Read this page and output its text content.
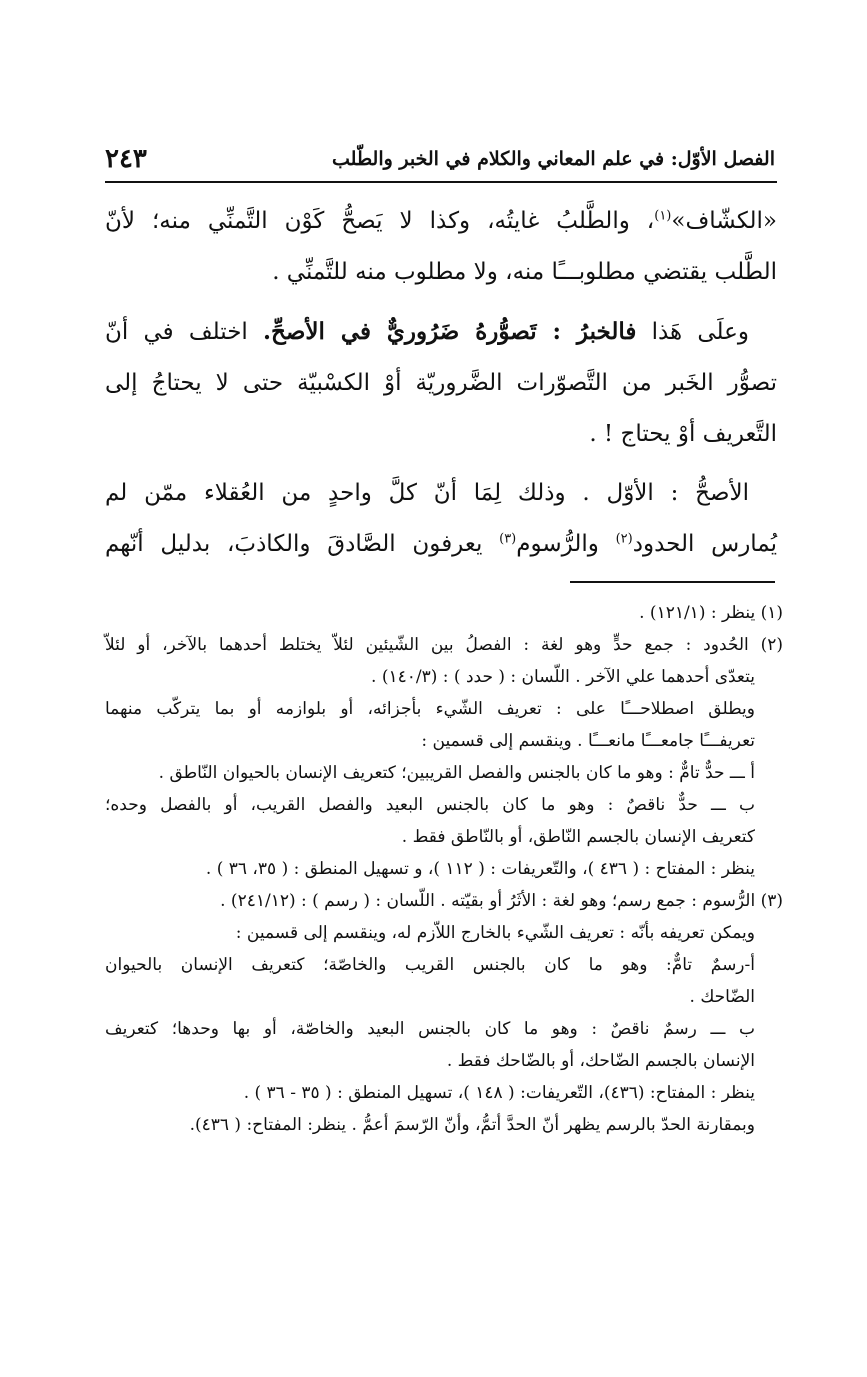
الفصل الأوّل: في علم المعاني والكلام في الخبر والطّلب
٢٤٣

«الكشّاف»$^{(١)}$، والطَّلبُ غايتُه، وكذا لا يَصحُّ كَوْن التَّمنِّي منه؛ لأنّ
الطَّلب يقتضي مطلوبـــًا منه، ولا مطلوب منه للتَّمنِّي .

وعلَى هَذا فالخبرُ : تَصوُّرهُ ضَرُوريٌّ في الأصحِّ. اختلف في أنّ
تصوُّر الخَبر من التَّصوّرات الضَّروريّة أوْ الكسْبيّة حتى لا يحتاجُ إلى
التَّعريف أوْ يحتاج ! .

الأصحُّ : الأوّل . وذلك لِمَا أنّ كلَّ واحدٍ من العُقلاء ممّن لم
يُمارس الحدود$^{(٢)}$ والرُّسوم$^{(٣)}$ يعرفون الصَّادقَ والكاذبَ، بدليل أنّهم

(١) ينظر : (١٢١/١) .
(٢) الحُدود : جمع حدٍّ وهو لغة : الفصلُ بين الشّيئين لئلاّ يختلط أحدهما بالآخر، أو لئلاّ
يتعدّى أحدهما علي الآخر . اللّسان : ( حدد ) : (١٤٠/٣) .
ويطلق اصطلاحـــًا على : تعريف الشّيء بأجزائه، أو بلوازمه أو بما يتركّب منهما
تعريفـــًا جامعـــًا مانعـــًا . وينقسم إلى قسمين :
أ ـــ حدٌّ تامٌّ : وهو ما كان بالجنس والفصل القريبين؛ كتعريف الإنسان بالحيوان النّاطق .
ب ـــ حدٌّ ناقصٌ : وهو ما كان بالجنس البعيد والفصل القريب، أو بالفصل وحده؛
كتعريف الإنسان بالجسم النّاطق، أو بالنّاطق فقط .
ينظر : المفتاح : ( ٤٣٦ )، والتّعريفات : ( ١١٢ )، و تسهيل المنطق : ( ٣٥، ٣٦ ) .
(٣) الرُّسوم : جمع رسم؛ وهو لغة : الأثَرُ أو بقيّته . اللّسان : ( رسم ) : (٢٤١/١٢) .
ويمكن تعريفه بأنّه : تعريف الشّيء بالخارج اللاّزم له، وينقسم إلى قسمين :
أ-رسمٌ تامٌّ: وهو ما كان بالجنس القريب والخاصّة؛ كتعريف الإنسان بالحيوان
الضّاحك .
ب ـــ رسمٌ ناقصٌ : وهو ما كان بالجنس البعيد والخاصّة، أو بها وحدها؛ كتعريف
الإنسان بالجسم الضّاحك، أو بالضّاحك فقط .
ينظر : المفتاح: (٤٣٦)، التّعريفات: ( ١٤٨ )، تسهيل المنطق : ( ٣٥ - ٣٦ ) .
وبمقارنة الحدّ بالرسم يظهر أنّ الحدَّ أتمُّ، وأنّ الرّسمَ أعمُّ . ينظر: المفتاح: ( ٤٣٦).
